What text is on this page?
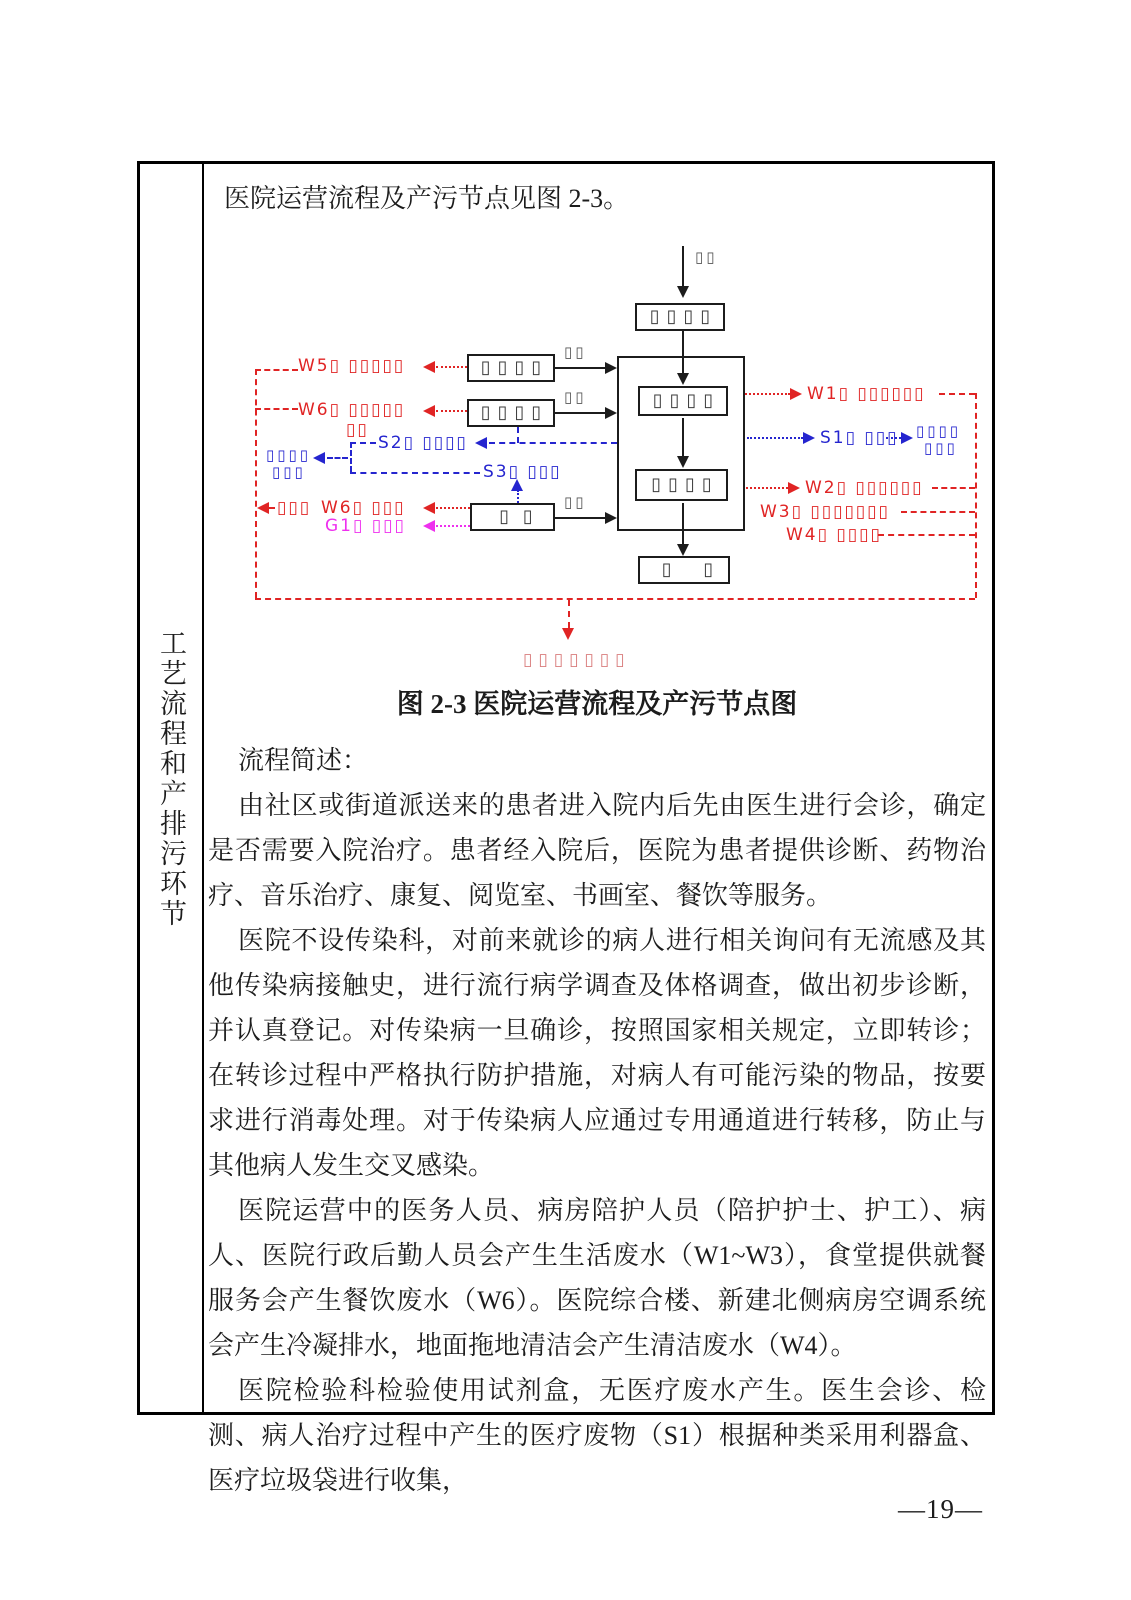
工艺流程和产排污环节

医院运营流程及产污节点见图 2-3。

▯▯
▯▯▯▯
▯▯▯▯
▯▯▯▯
▯ ▯
▯▯▯▯
▯▯
▯▯▯▯
▯▯
▯ ▯
▯▯
W5▯ ▯▯▯▯▯
W6▯ ▯▯▯▯▯
▯▯
S2▯ ▯▯▯▯
▯▯▯▯
▯▯▯	S3▯ ▯▯▯
▯▯▯ W6▯ ▯▯▯
G1▯ ▯▯▯
W1▯ ▯▯▯▯▯▯
S1▯ ▯▯▯ ▯▯▯▯
▯▯▯
W2▯ ▯▯▯▯▯▯
W3▯ ▯▯▯▯▯▯▯
W4▯ ▯▯▯▯
▯▯▯▯▯▯▯
图 2-3 医院运营流程及产污节点图

流程简述：

由社区或街道派送来的患者进入院内后先由医生进行会诊，确定是否需要入院治疗。患者经入院后，医院为患者提供诊断、药物治疗、音乐治疗、康复、阅览室、书画室、餐饮等服务。

医院不设传染科，对前来就诊的病人进行相关询问有无流感及其他传染病接触史，进行流行病学调查及体格调查，做出初步诊断，并认真登记。对传染病一旦确诊，按照国家相关规定，立即转诊；在转诊过程中严格执行防护措施，对病人有可能污染的物品，按要求进行消毒处理。对于传染病人应通过专用通道进行转移，防止与其他病人发生交叉感染。

医院运营中的医务人员、病房陪护人员（陪护护士、护工）、病人、医院行政后勤人员会产生生活废水（W1~W3），食堂提供就餐服务会产生餐饮废水（W6）。医院综合楼、新建北侧病房空调系统会产生冷凝排水，地面拖地清洁会产生清洁废水（W4）。

医院检验科检验使用试剂盒，无医疗废水产生。医生会诊、检测、病人治疗过程中产生的医疗废物（S1）根据种类采用利器盒、医疗垃圾袋进行收集，

—19—
